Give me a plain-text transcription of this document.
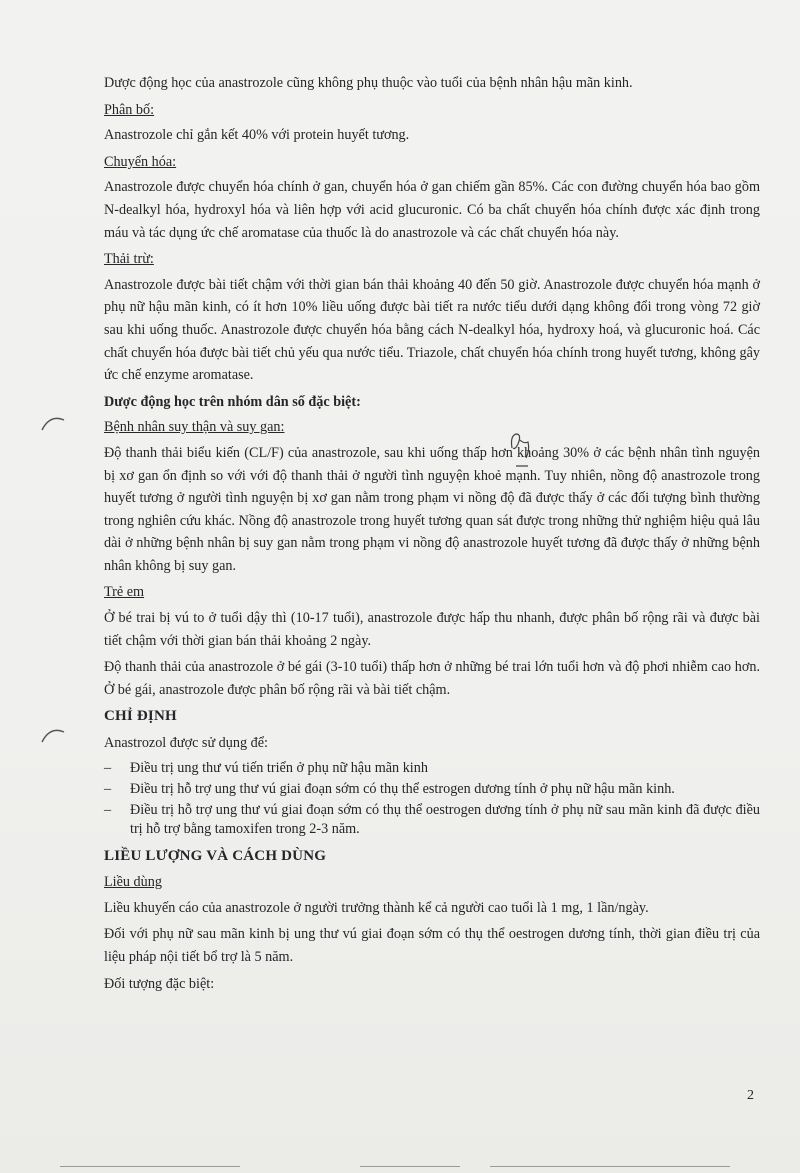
Dược động học của anastrozole cũng không phụ thuộc vào tuổi của bệnh nhân hậu mãn kinh.

Phân bố:

Anastrozole chỉ gắn kết 40% với protein huyết tương.

Chuyển hóa:

Anastrozole được chuyển hóa chính ở gan, chuyển hóa ở gan chiếm gần 85%. Các con đường chuyển hóa bao gồm N-dealkyl hóa, hydroxyl hóa và liên hợp với acid glucuronic. Có ba chất chuyển hóa chính được xác định trong máu và tác dụng ức chế aromatase của thuốc là do anastrozole và các chất chuyển hóa này.

Thải trừ:

Anastrozole được bài tiết chậm với thời gian bán thải khoảng 40 đến 50 giờ. Anastrozole được chuyển hóa mạnh ở phụ nữ hậu mãn kinh, có ít hơn 10% liều uống được bài tiết ra nước tiểu dưới dạng không đổi trong vòng 72 giờ sau khi uống thuốc. Anastrozole được chuyển hóa bằng cách N-dealkyl hóa, hydroxy hoá, và glucuronic hoá. Các chất chuyển hóa được bài tiết chủ yếu qua nước tiểu. Triazole, chất chuyển hóa chính trong huyết tương, không gây ức chế enzyme aromatase.

Dược động học trên nhóm dân số đặc biệt:
Bệnh nhân suy thận và suy gan:

Độ thanh thải biểu kiến (CL/F) của anastrozole, sau khi uống thấp hơn khoảng 30% ở các bệnh nhân tình nguyện bị xơ gan ổn định so với với độ thanh thải ở người tình nguyện khoẻ mạnh. Tuy nhiên, nồng độ anastrozole trong huyết tương ở người tình nguyện bị xơ gan nằm trong phạm vi nồng độ đã được thấy ở các đối tượng bình thường trong nghiên cứu khác. Nồng độ anastrozole trong huyết tương quan sát được trong những thử nghiệm hiệu quả lâu dài ở những bệnh nhân bị suy gan nằm trong phạm vi nồng độ anastrozole huyết tương đã được thấy ở những bệnh nhân không bị suy gan.

Trẻ em

Ở bé trai bị vú to ở tuổi dậy thì (10-17 tuổi), anastrozole được hấp thu nhanh, được phân bố rộng rãi và được bài tiết chậm với thời gian bán thải khoảng 2 ngày.

Độ thanh thải của anastrozole ở bé gái (3-10 tuổi) thấp hơn ở những bé trai lớn tuổi hơn và độ phơi nhiễm cao hơn. Ở bé gái, anastrozole được phân bố rộng rãi và bài tiết chậm.

CHỈ ĐỊNH

Anastrozol được sử dụng để:

– Điều trị ung thư vú tiến triển ở phụ nữ hậu mãn kinh
– Điều trị hỗ trợ ung thư vú giai đoạn sớm có thụ thể estrogen dương tính ở phụ nữ hậu mãn kinh.
– Điều trị hỗ trợ ung thư vú giai đoạn sớm có thụ thể oestrogen dương tính ở phụ nữ sau mãn kinh đã được điều trị hỗ trợ bằng tamoxifen trong 2-3 năm.
LIỀU LƯỢNG VÀ CÁCH DÙNG
Liều dùng

Liều khuyến cáo của anastrozole ở người trưởng thành kể cả người cao tuổi là 1 mg, 1 lần/ngày.

Đối với phụ nữ sau mãn kinh bị ung thư vú giai đoạn sớm có thụ thể oestrogen dương tính, thời gian điều trị của liệu pháp nội tiết bổ trợ là 5 năm.

Đối tượng đặc biệt:

2
